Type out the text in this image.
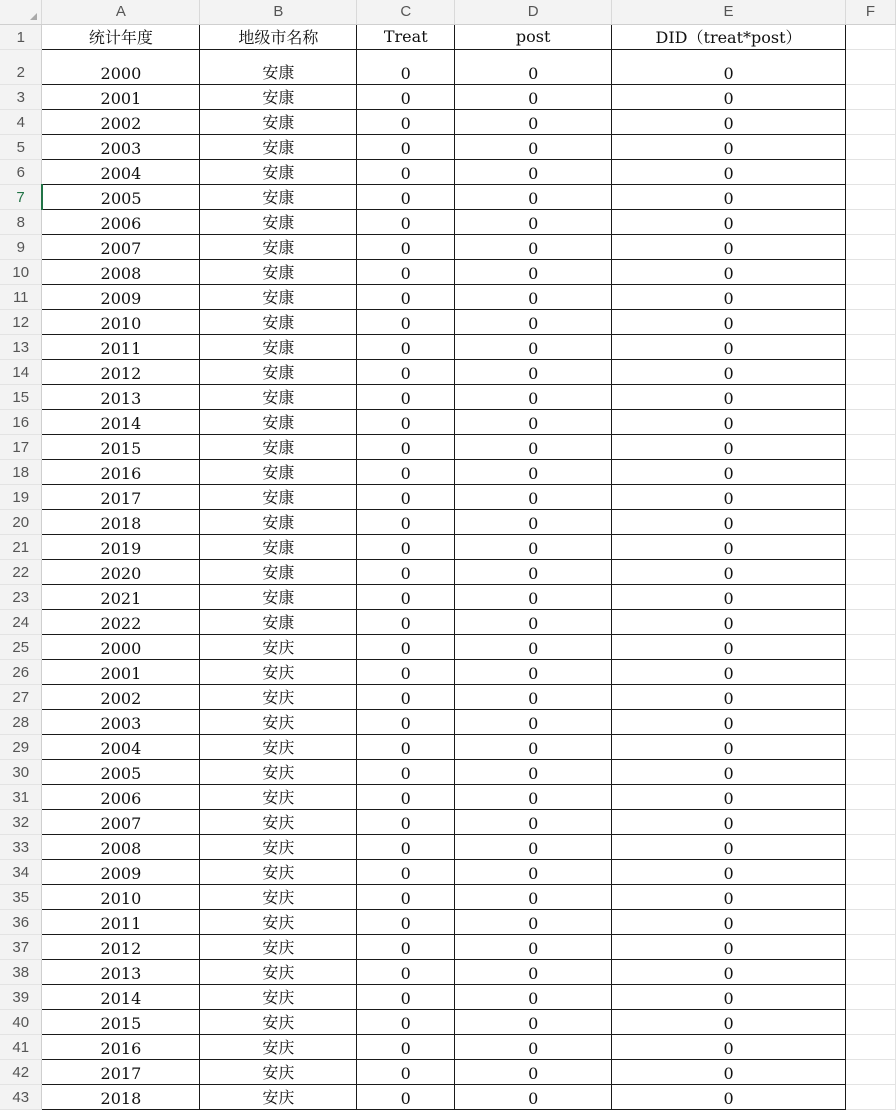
	A	B	C	D	E	F
1	统计年度	地级市名称	Treat	post	DID（treat*post）	
2	2000	安康	0	0	0	
3	2001	安康	0	0	0	
4	2002	安康	0	0	0	
5	2003	安康	0	0	0	
6	2004	安康	0	0	0	
7	2005	安康	0	0	0	
8	2006	安康	0	0	0	
9	2007	安康	0	0	0	
10	2008	安康	0	0	0	
11	2009	安康	0	0	0	
12	2010	安康	0	0	0	
13	2011	安康	0	0	0	
14	2012	安康	0	0	0	
15	2013	安康	0	0	0	
16	2014	安康	0	0	0	
17	2015	安康	0	0	0	
18	2016	安康	0	0	0	
19	2017	安康	0	0	0	
20	2018	安康	0	0	0	
21	2019	安康	0	0	0	
22	2020	安康	0	0	0	
23	2021	安康	0	0	0	
24	2022	安康	0	0	0	
25	2000	安庆	0	0	0	
26	2001	安庆	0	0	0	
27	2002	安庆	0	0	0	
28	2003	安庆	0	0	0	
29	2004	安庆	0	0	0	
30	2005	安庆	0	0	0	
31	2006	安庆	0	0	0	
32	2007	安庆	0	0	0	
33	2008	安庆	0	0	0	
34	2009	安庆	0	0	0	
35	2010	安庆	0	0	0	
36	2011	安庆	0	0	0	
37	2012	安庆	0	0	0	
38	2013	安庆	0	0	0	
39	2014	安庆	0	0	0	
40	2015	安庆	0	0	0	
41	2016	安庆	0	0	0	
42	2017	安庆	0	0	0	
43	2018	安庆	0	0	0	
